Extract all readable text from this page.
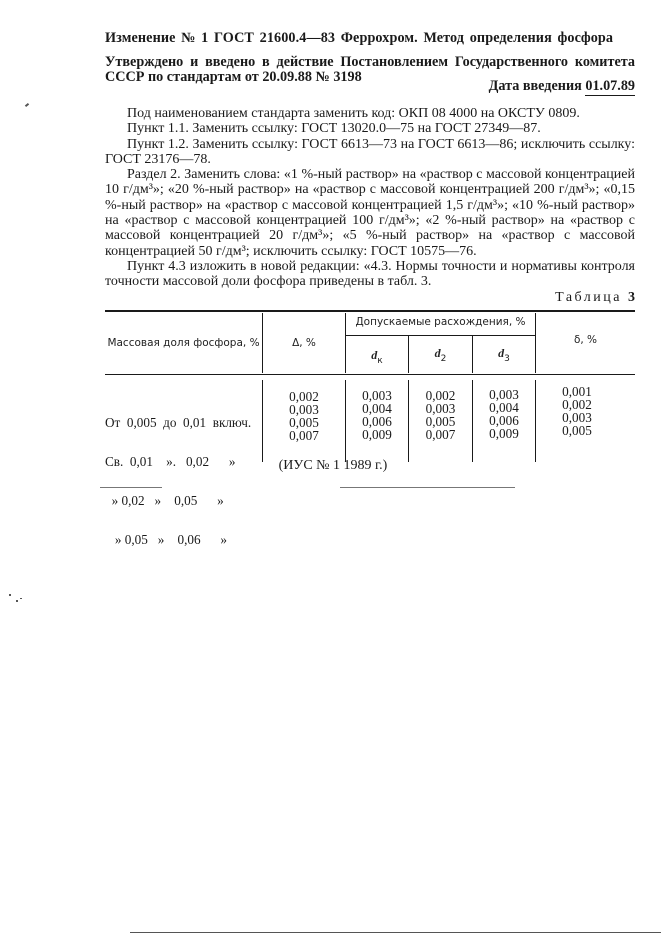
Изменение № 1 ГОСТ 21600.4—83 Феррохром. Метод определения фосфора
Утверждено и введено в действие Постановлением Государственного комитета
СССР по стандартам от 20.09.88 № 3198
Дата введения 01.07.89

Под наименованием стандарта заменить код: ОКП 08 4000 на ОКСТУ 0809.

Пункт 1.1. Заменить ссылку: ГОСТ 13020.0—75 на ГОСТ 27349—87.

Пункт 1.2. Заменить ссылку: ГОСТ 6613—73 на ГОСТ 6613—86; исключить ссылку: ГОСТ 23176—78.

Раздел 2. Заменить слова: «1 %-ный раствор» на «раствор с массовой концентрацией 10 г/дм³»; «20 %-ный раствор» на «раствор с массовой концентрацией 200 г/дм³»; «0,15 %-ный раствор» на «раствор с массовой концентрацией 1,5 г/дм³»; «10 %-ный раствор» на «раствор с массовой концентрацией 100 г/дм³»; «2 %-ный раствор» на «раствор с массовой концентрацией 20 г/дм³»; «5 %-ный раствор» на «раствор с массовой концентрацией 50 г/дм³; исключить ссылку: ГОСТ 10575—76.

Пункт 4.3 изложить в новой редакции: «4.3. Нормы точности и нормативы контроля точности массовой доли фосфора приведены в табл. 3.

Таблица 3
Массовая доля фосфора, %	Δ, %
Допускаемые расхождения, %
$d_к$
$d_2$	$d_3$
δ, %

От  0,005  до  0,01  включ.

Св.  0,01    ».   0,02      »

» 0,02   »    0,05      »

» 0,05   »    0,06      »

0,002
0,003
0,005
0,007
0,003
0,004
0,006
0,009
0,002
0,003
0,005
0,007
0,003
0,004
0,006
0,009
0,001
0,002
0,003
0,005
(ИУС № 1 1989 г.)
